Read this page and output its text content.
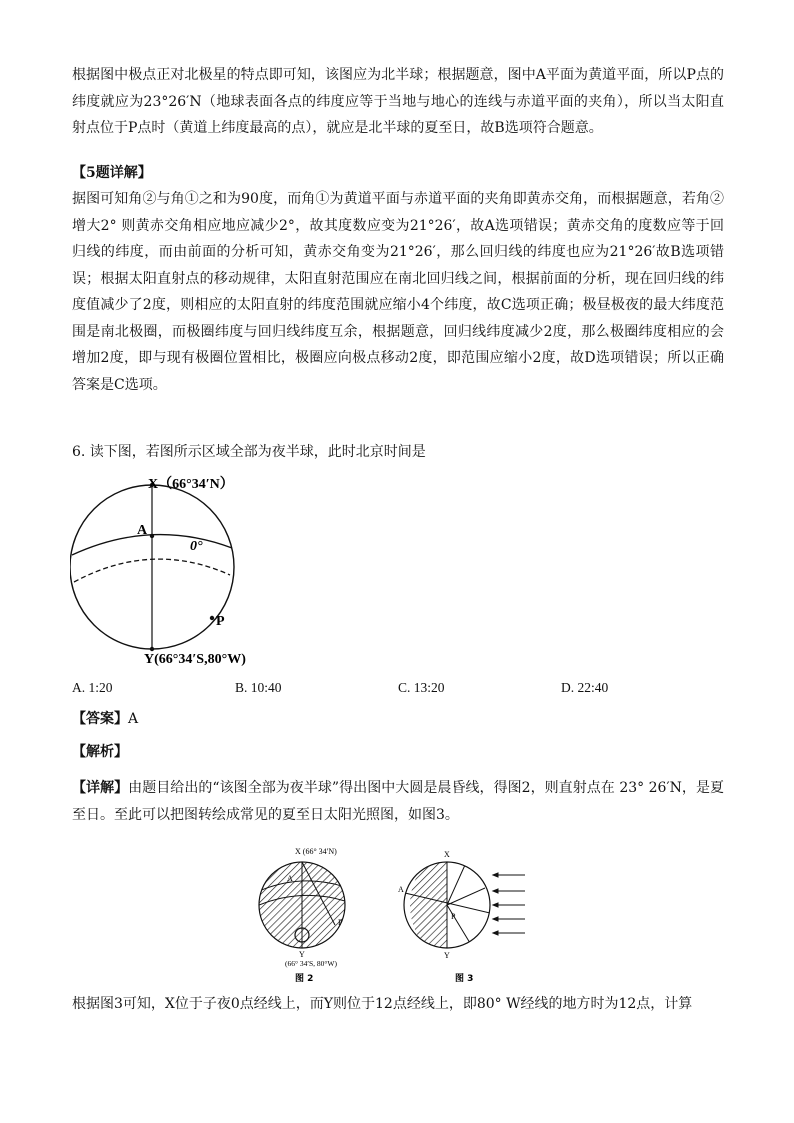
根据图中极点正对北极星的特点即可知，该图应为北半球；根据题意，图中A平面为黄道平面，所以P点的纬度就应为23°26′N（地球表面各点的纬度应等于当地与地心的连线与赤道平面的夹角），所以当太阳直射点位于P点时（黄道上纬度最高的点），就应是北半球的夏至日，故B选项符合题意。

【5题详解】

据图可知角②与角①之和为90度，而角①为黄道平面与赤道平面的夹角即黄赤交角，而根据题意，若角②增大2° 则黄赤交角相应地应减少2°，故其度数应变为21°26′，故A选项错误；黄赤交角的度数应等于回归线的纬度，而由前面的分析可知，黄赤交角变为21°26′，那么回归线的纬度也应为21°26′故B选项错误；根据太阳直射点的移动规律，太阳直射范围应在南北回归线之间，根据前面的分析，现在回归线的纬度值减少了2度，则相应的太阳直射的纬度范围就应缩小4个纬度，故C选项正确；极昼极夜的最大纬度范围是南北极圈，而极圈纬度与回归线纬度互余，根据题意，回归线纬度减少2度，那么极圈纬度相应的会增加2度，即与现有极圈位置相比，极圈应向极点移动2度，即范围应缩小2度，故D选项错误；所以正确答案是C选项。

6. 读下图，若图所示区域全部为夜半球，此时北京时间是
X（66°34′N）
A
0°
P
Y(66°34′S,80°W)
A. 1:20	B. 10:40	C. 13:20	D. 22:40
【答案】A
【解析】

【详解】由题目给出的“该图全部为夜半球”得出图中大圆是晨昏线，得图2，则直射点在 23° 26′N，是夏至日。至此可以把图转绘成常见的夏至日太阳光照图，如图3。

X (66° 34′N)
A
P
Y
(66° 34′S, 80°W)
图 2
X
A
P
Y
图 3
根据图3可知，X位于子夜0点经线上，而Y则位于12点经线上，即80° W经线的地方时为12点，计算
